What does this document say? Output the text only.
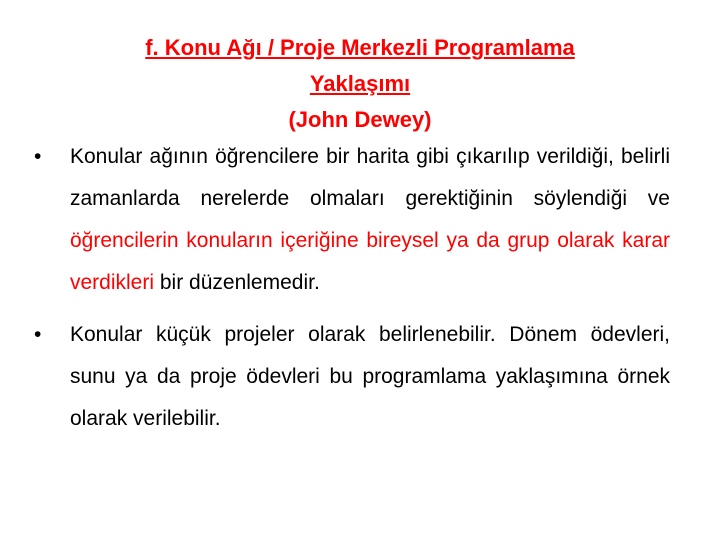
f. Konu Ağı / Proje Merkezli Programlama
Yaklaşımı
(John Dewey)
• Konular ağının öğrencilere bir harita gibi çıkarılıp verildiği, belirli zamanlarda nerelerde olmaları gerektiğinin söylendiği ve öğrencilerin konuların içeriğine bireysel ya da grup olarak karar verdikleri bir düzenlemedir.
• Konular küçük projeler olarak belirlenebilir. Dönem ödevleri, sunu ya da proje ödevleri bu programlama yaklaşımına örnek olarak verilebilir.
